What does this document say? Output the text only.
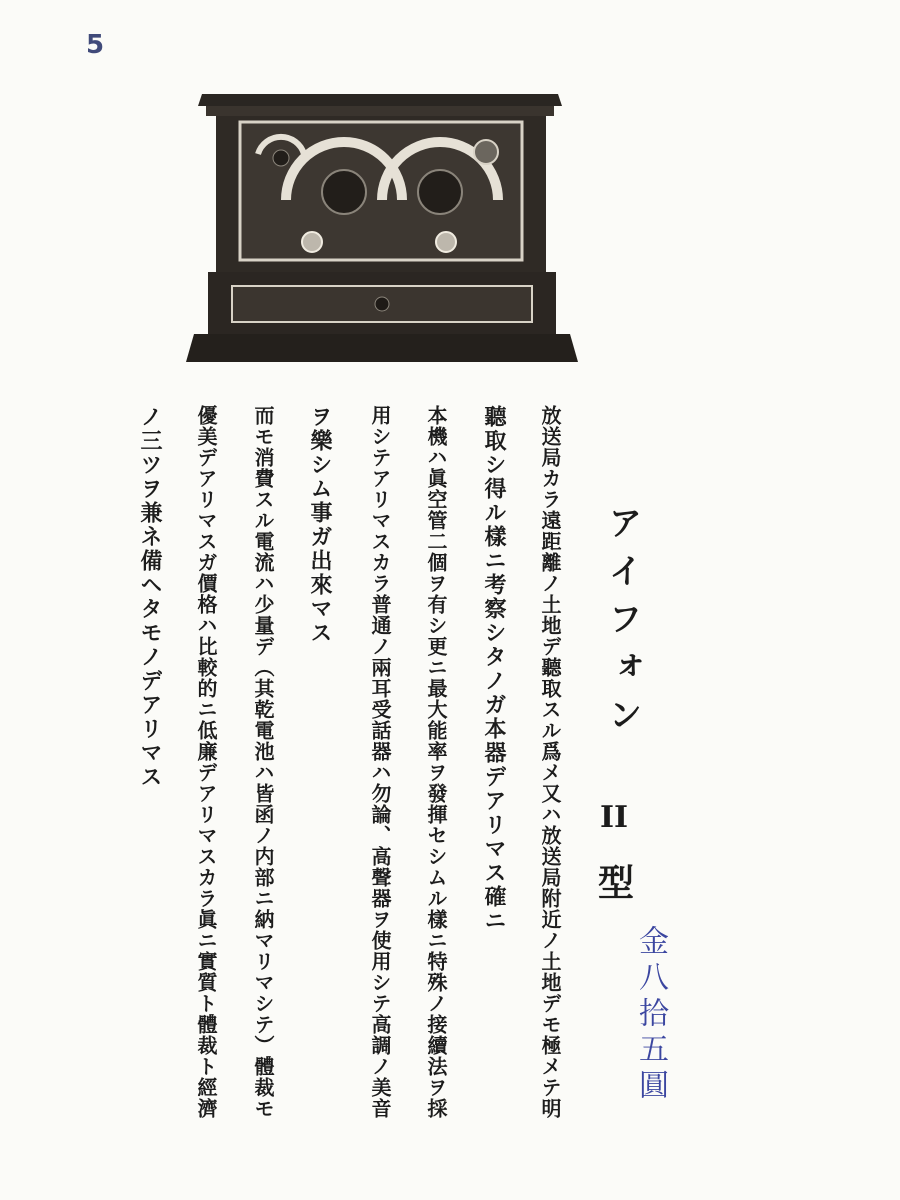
5
アイフォン
II
型
放送局カラ遠距離ノ土地デ聽取スル爲メ又ハ放送局附近ノ土地デモ極メテ明
聽取シ得ル樣ニ考察シタノガ本器デアリマス確ニ
本機ハ眞空管二個ヲ有シ更ニ最大能率ヲ發揮セシムル樣ニ特殊ノ接續法ヲ採
用シテアリマスカラ普通ノ兩耳受話器ハ勿論、高聲器ヲ使用シテ高調ノ美音
ヲ樂シム事ガ出來マス
而モ消費スル電流ハ少量デ（其乾電池ハ皆函ノ内部ニ納マリマシテ）體裁モ
優美デアリマスガ價格ハ比較的ニ低廉デアリマスカラ眞ニ實質ト體裁ト經濟
ノ三ツヲ兼ネ備ヘタモノデアリマス
金八拾五圓
